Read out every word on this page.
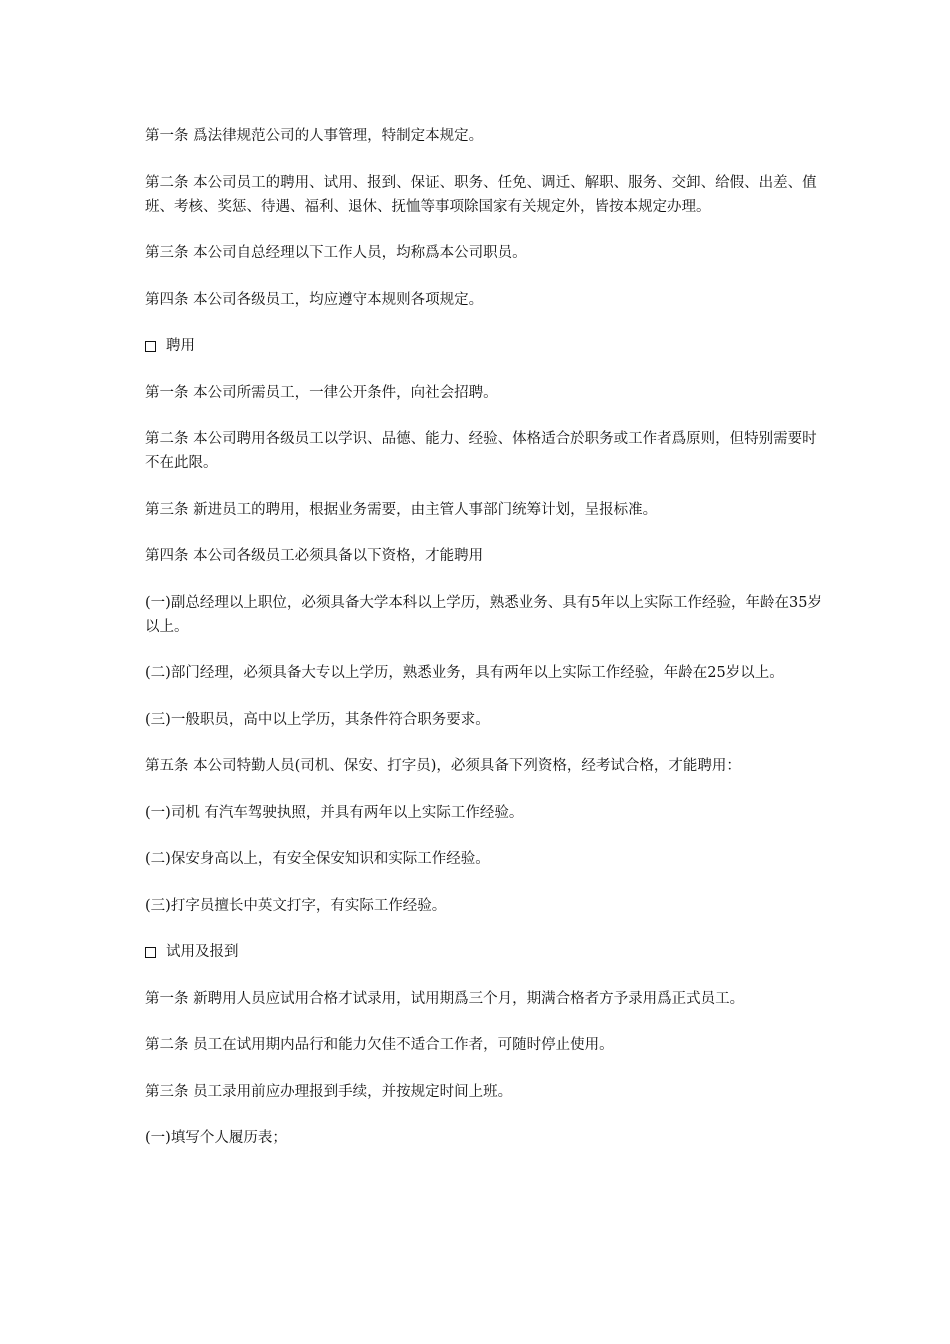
第一条 爲法律规范公司的人事管理，特制定本规定。

第二条 本公司员工的聘用、试用、报到、保证、职务、任免、调迁、解职、服务、交卸、给假、出差、值班、考核、奖惩、待遇、福利、退休、抚恤等事项除国家有关规定外，皆按本规定办理。

第三条 本公司自总经理以下工作人员，均称爲本公司职员。

第四条 本公司各级员工，均应遵守本规则各项规定。

聘用

第一条 本公司所需员工，一律公开条件，向社会招聘。

第二条 本公司聘用各级员工以学识、品德、能力、经验、体格适合於职务或工作者爲原则，但特别需要时不在此限。

第三条 新进员工的聘用，根据业务需要，由主管人事部门统筹计划，呈报标准。

第四条 本公司各级员工必须具备以下资格，才能聘用

(一)副总经理以上职位，必须具备大学本科以上学历，熟悉业务、具有5年以上实际工作经验，年龄在35岁以上。

(二)部门经理，必须具备大专以上学历，熟悉业务，具有两年以上实际工作经验，年龄在25岁以上。

(三)一般职员，高中以上学历，其条件符合职务要求。

第五条 本公司特勤人员(司机、保安、打字员)，必须具备下列资格，经考试合格，才能聘用：

(一)司机 有汽车驾驶执照，并具有两年以上实际工作经验。

(二)保安身高以上，有安全保安知识和实际工作经验。

(三)打字员擅长中英文打字，有实际工作经验。

试用及报到

第一条 新聘用人员应试用合格才试录用，试用期爲三个月，期满合格者方予录用爲正式员工。

第二条 员工在试用期内品行和能力欠佳不适合工作者，可随时停止使用。

第三条 员工录用前应办理报到手续，并按规定时间上班。

(一)填写个人履历表；
